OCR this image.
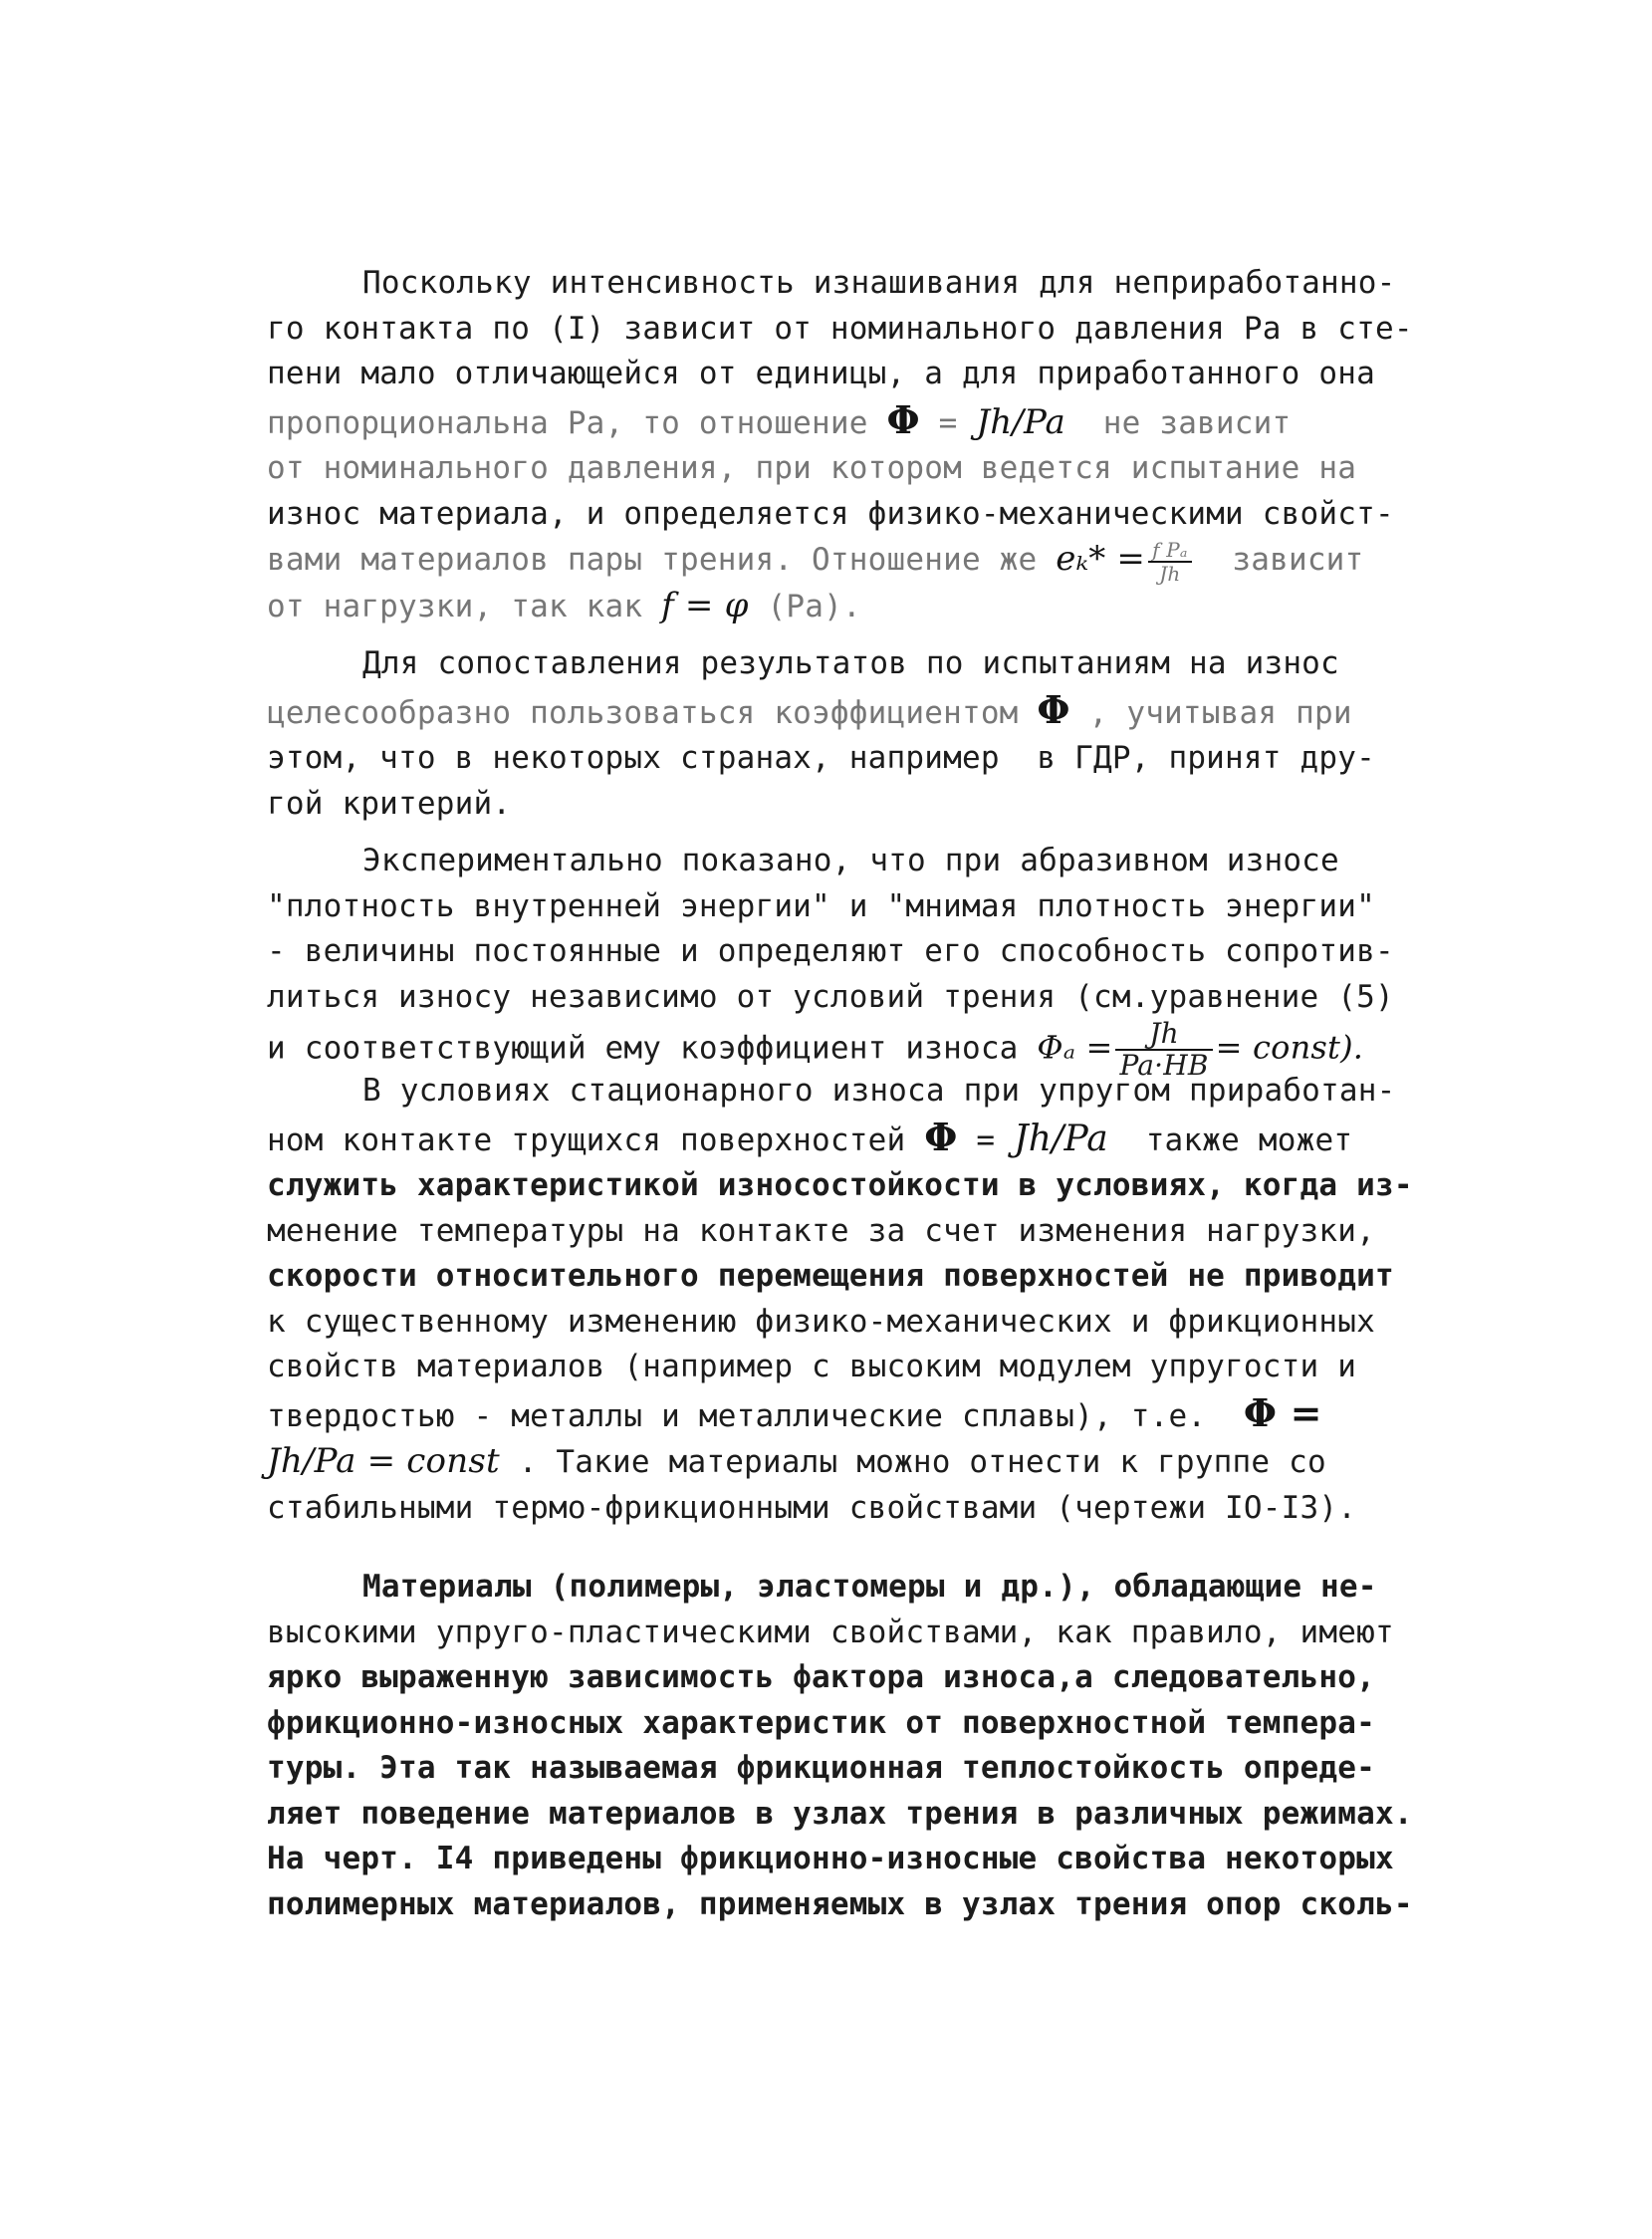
Поскольку интенсивность изнашивания для неприработанно-
го контакта по (I) зависит от номинального давления Ра в сте-
пени мало отличающейся от единицы, а для приработанного она
пропорциональна Ра, то отношение Φ = Jh/Pa  не зависит
от номинального давления, при котором ведется испытание на
износ материала, и определяется физико-механическими свойст-
вами материалов пары трения. Отношение же $e_k* = \frac{\text{f Pₐ}}{Jh}$ зависит
от нагрузки, так как f = φ (Ра).
Для сопоставления результатов по испытаниям на износ
целесообразно пользоваться коэффициентом Φ , учитывая при
этом, что в некоторых странах, например  в ГДР, принят дру-
гой критерий.
Экспериментально показано, что при абразивном износе
"плотность внутренней энергии" и "мнимая плотность энергии"
- величины постоянные и определяют его способность сопротив-
литься износу независимо от условий трения (см.уравнение (5)
и соответствующий ему коэффициент износа $\Phi_a = \frac{Jh}{Pa\cdot HB}$ = const).
В условиях стационарного износа при упругом приработан-
ном контакте трущихся поверхностей Φ = Jh/Pa  также может
служить характеристикой износостойкости в условиях, когда из-
менение температуры на контакте за счет изменения нагрузки,
скорости относительного перемещения поверхностей не приводит
к существенному изменению физико-механических и фрикционных
свойств материалов (например с высоким модулем упругости и
твердостью - металлы и металлические сплавы), т.е.  Φ =
Jh/Pa = const . Такие материалы можно отнести к группе со
стабильными термо-фрикционными свойствами (чертежи IO-I3).
Материалы (полимеры, эластомеры и др.), обладающие не-
высокими упруго-пластическими свойствами, как правило, имеют
ярко выраженную зависимость фактора износа,а следовательно,
фрикционно-износных характеристик от поверхностной темпера-
туры. Эта так называемая фрикционная теплостойкость опреде-
ляет поведение материалов в узлах трения в различных режимах.
На черт. I4 приведены фрикционно-износные свойства некоторых
полимерных материалов, применяемых в узлах трения опор сколь-
